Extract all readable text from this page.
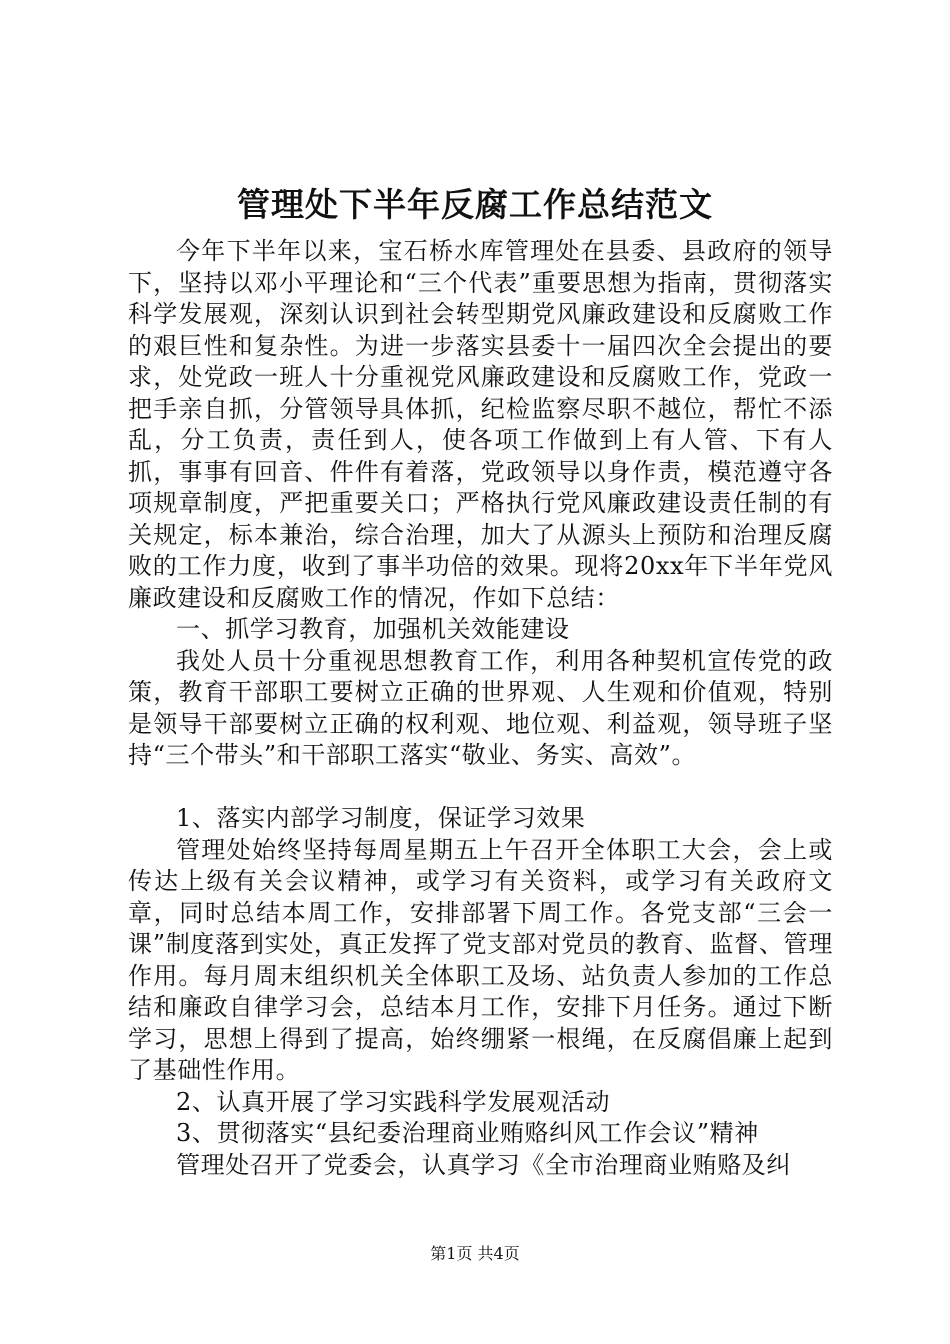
管理处下半年反腐工作总结范文

今年下半年以来，宝石桥水库管理处在县委、县政府的领导下，坚持以邓小平理论和“三个代表”重要思想为指南，贯彻落实科学发展观，深刻认识到社会转型期党风廉政建设和反腐败工作的艰巨性和复杂性。为进一步落实县委十一届四次全会提出的要求，处党政一班人十分重视党风廉政建设和反腐败工作，党政一把手亲自抓，分管领导具体抓，纪检监察尽职不越位，帮忙不添乱，分工负责，责任到人，使各项工作做到上有人管、下有人抓，事事有回音、件件有着落，党政领导以身作责，模范遵守各项规章制度，严把重要关口；严格执行党风廉政建设责任制的有关规定，标本兼治，综合治理，加大了从源头上预防和治理反腐败的工作力度，收到了事半功倍的效果。现将20xx年下半年党风廉政建设和反腐败工作的情况，作如下总结：

一、抓学习教育，加强机关效能建设

我处人员十分重视思想教育工作，利用各种契机宣传党的政策，教育干部职工要树立正确的世界观、人生观和价值观，特别是领导干部要树立正确的权利观、地位观、利益观，领导班子坚持“三个带头”和干部职工落实“敬业、务实、高效”。

1、落实内部学习制度，保证学习效果

管理处始终坚持每周星期五上午召开全体职工大会，会上或传达上级有关会议精神，或学习有关资料，或学习有关政府文章，同时总结本周工作，安排部署下周工作。各党支部“三会一课”制度落到实处，真正发挥了党支部对党员的教育、监督、管理作用。每月周末组织机关全体职工及场、站负责人参加的工作总结和廉政自律学习会，总结本月工作，安排下月任务。通过下断学习，思想上得到了提高，始终绷紧一根绳，在反腐倡廉上起到了基础性作用。

2、认真开展了学习实践科学发展观活动

3、贯彻落实“县纪委治理商业贿赂纠风工作会议”精神

管理处召开了党委会，认真学习《全市治理商业贿赂及纠

第1页 共4页
